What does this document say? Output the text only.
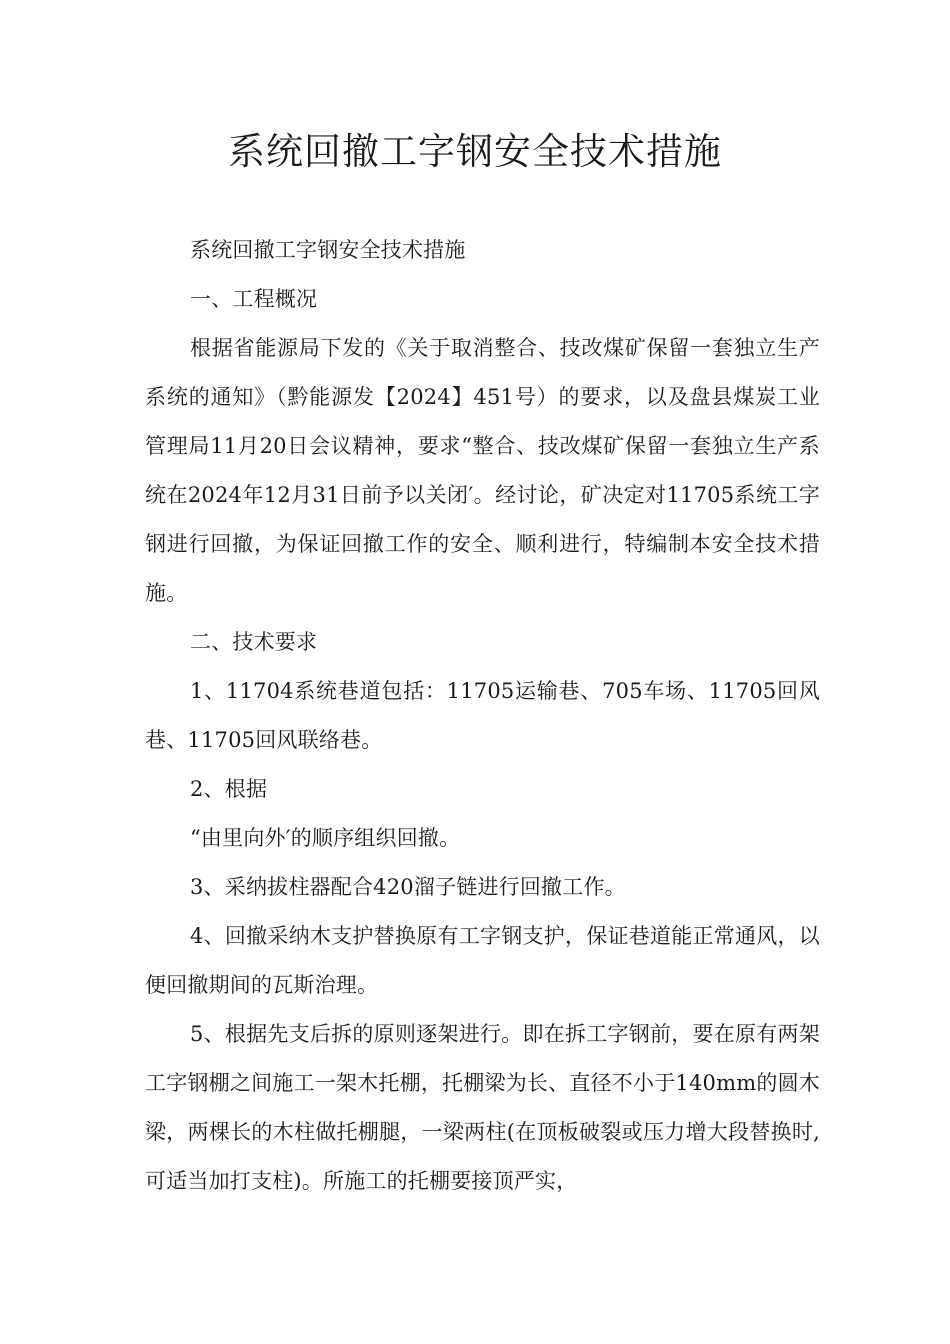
系统回撤工字钢安全技术措施

系统回撤工字钢安全技术措施

一、工程概况

根据省能源局下发的《关于取消整合、技改煤矿保留一套独立生产系统的通知》（黔能源发【2024】451号）的要求，以及盘县煤炭工业管理局11月20日会议精神，要求“整合、技改煤矿保留一套独立生产系统在2024年12月31日前予以关闭′。经讨论，矿决定对11705系统工字钢进行回撤，为保证回撤工作的安全、顺利进行，特编制本安全技术措施。

二、技术要求

1、11704系统巷道包括：11705运输巷、705车场、11705回风巷、11705回风联络巷。

2、根据

“由里向外′的顺序组织回撤。

3、采纳拔柱器配合420溜子链进行回撤工作。

4、回撤采纳木支护替换原有工字钢支护，保证巷道能正常通风，以便回撤期间的瓦斯治理。

5、根据先支后拆的原则逐架进行。即在拆工字钢前，要在原有两架工字钢棚之间施工一架木托棚，托棚梁为长、直径不小于140mm的圆木梁，两棵长的木柱做托棚腿，一梁两柱(在顶板破裂或压力增大段替换时,可适当加打支柱)。所施工的托棚要接顶严实，
